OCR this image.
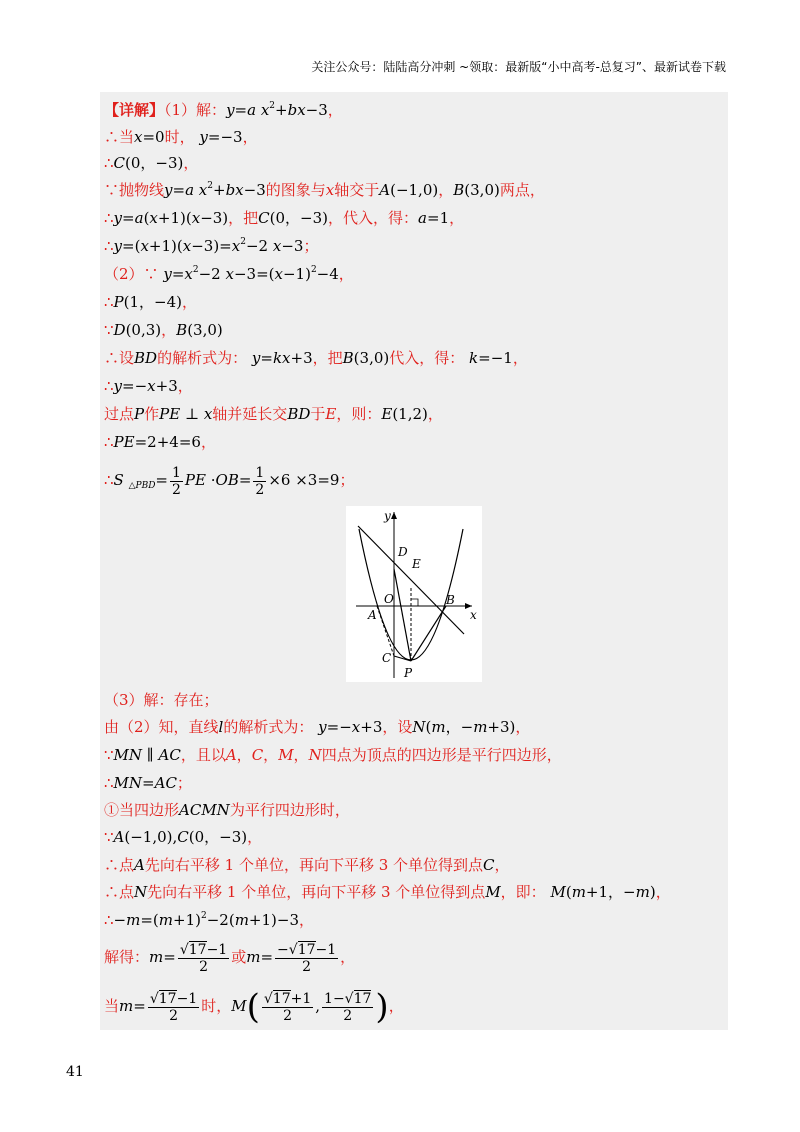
关注公众号：陆陆高分冲刺 ~领取：最新版“小中高考-总复习”、最新试卷下载
【详解】（1）解：y=a $x^2+bx-3$，
∴当x=0时， y=−3，
∴C(0，−3)，
∵抛物线y=a $x^2+bx-3$的图象与x轴交于A(−1,0)，B(3,0)两点，
∴y=a(x+1)(x−3)，把C(0，−3)，代入，得：a=1，
$\therefore y=(x+1)(x-3)=x^2-2$ x−3；
（2）∵ $y=x^2-2$ $x-3=(x-1)^2-4$，
∴P(1，−4)，
∵D(0,3)，B(3,0)
∴设BD的解析式为： y=kx+3，把B(3,0)代入，得： k=−1，
∴y=−x+3，
过点P作PE ⊥ x轴并延长交BD于E，则：E(1,2)，
∴PE=2+4=6，
∴S $_{\triangle PBD}= \frac{1}{2}$ PE $\cdot OB= \frac{1}{2} \times 6 \times 3=9$；
y
x
D
E
O
A
B
C
P
（3）解：存在；
由（2）知，直线l的解析式为： y=−x+3，设N(m，−m+3)，
∵MN ∥ AC，且以A，C，M，N四点为顶点的四边形是平行四边形，
∴MN=AC；
①当四边形ACMN为平行四边形时，
∵A(−1,0),C(0，−3)，
∴点A先向右平移 1 个单位，再向下平移 3 个单位得到点C，
∴点N先向右平移 1 个单位，再向下平移 3 个单位得到点M，即： M(m+1，−m)，
$\therefore-m=(m+1)^2-2(m+1)-3$，
解得：$m= \frac{√17-1}{2}$ 或$m= \frac{-√17-1}{2}$ ，
当$m= \frac{√17-1}{2}$ 时，$M( \frac{√17+1}{2}$ , $\frac{1-√17}{2}$ )，
41
